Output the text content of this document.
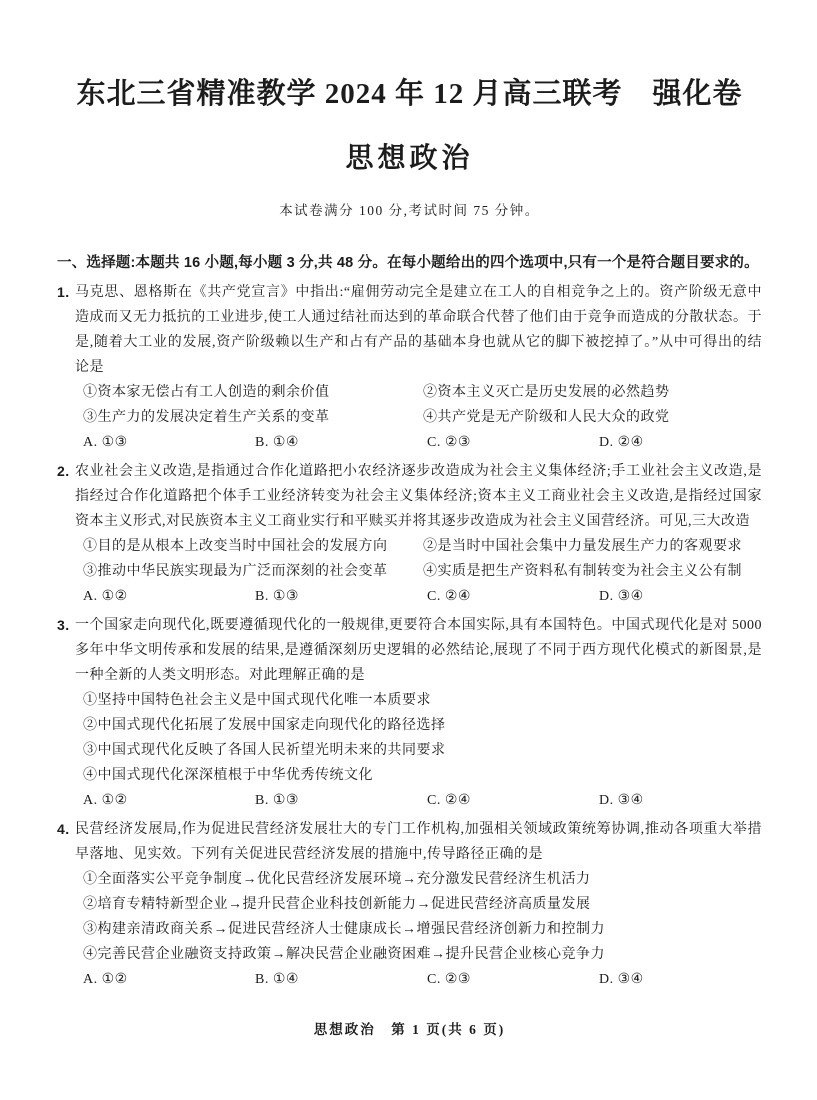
东北三省精准教学 2024 年 12 月高三联考　强化卷
思想政治

本试卷满分 100 分,考试时间 75 分钟。

一、选择题:本题共 16 小题,每小题 3 分,共 48 分。在每小题给出的四个选项中,只有一个是符合题目要求的。

1. 马克思、恩格斯在《共产党宣言》中指出:“雇佣劳动完全是建立在工人的自相竞争之上的。资产阶级无意中造成而又无力抵抗的工业进步,使工人通过结社而达到的革命联合代替了他们由于竞争而造成的分散状态。于是,随着大工业的发展,资产阶级赖以生产和占有产品的基础本身也就从它的脚下被挖掉了。”从中可得出的结论是

①资本家无偿占有工人创造的剩余价值	②资本主义灭亡是历史发展的必然趋势
③生产力的发展决定着生产关系的变革	④共产党是无产阶级和人民大众的政党
A. ①③	B. ①④	C. ②③	D. ②④

2. 农业社会主义改造,是指通过合作化道路把小农经济逐步改造成为社会主义集体经济;手工业社会主义改造,是指经过合作化道路把个体手工业经济转变为社会主义集体经济;资本主义工商业社会主义改造,是指经过国家资本主义形式,对民族资本主义工商业实行和平赎买并将其逐步改造成为社会主义国营经济。可见,三大改造

①目的是从根本上改变当时中国社会的发展方向	②是当时中国社会集中力量发展生产力的客观要求
③推动中华民族实现最为广泛而深刻的社会变革	④实质是把生产资料私有制转变为社会主义公有制
A. ①②	B. ①③	C. ②④	D. ③④

3. 一个国家走向现代化,既要遵循现代化的一般规律,更要符合本国实际,具有本国特色。中国式现代化是对 5000 多年中华文明传承和发展的结果,是遵循深刻历史逻辑的必然结论,展现了不同于西方现代化模式的新图景,是一种全新的人类文明形态。对此理解正确的是

①坚持中国特色社会主义是中国式现代化唯一本质要求
②中国式现代化拓展了发展中国家走向现代化的路径选择
③中国式现代化反映了各国人民祈望光明未来的共同要求
④中国式现代化深深植根于中华优秀传统文化
A. ①②	B. ①③	C. ②④	D. ③④

4. 民营经济发展局,作为促进民营经济发展壮大的专门工作机构,加强相关领域政策统筹协调,推动各项重大举措早落地、见实效。下列有关促进民营经济发展的措施中,传导路径正确的是

①全面落实公平竞争制度→优化民营经济发展环境→充分激发民营经济生机活力
②培育专精特新型企业→提升民营企业科技创新能力→促进民营经济高质量发展
③构建亲清政商关系→促进民营经济人士健康成长→增强民营经济创新力和控制力
④完善民营企业融资支持政策→解决民营企业融资困难→提升民营企业核心竞争力
A. ①②	B. ①④	C. ②③	D. ③④

思想政治　第 1 页(共 6 页)
